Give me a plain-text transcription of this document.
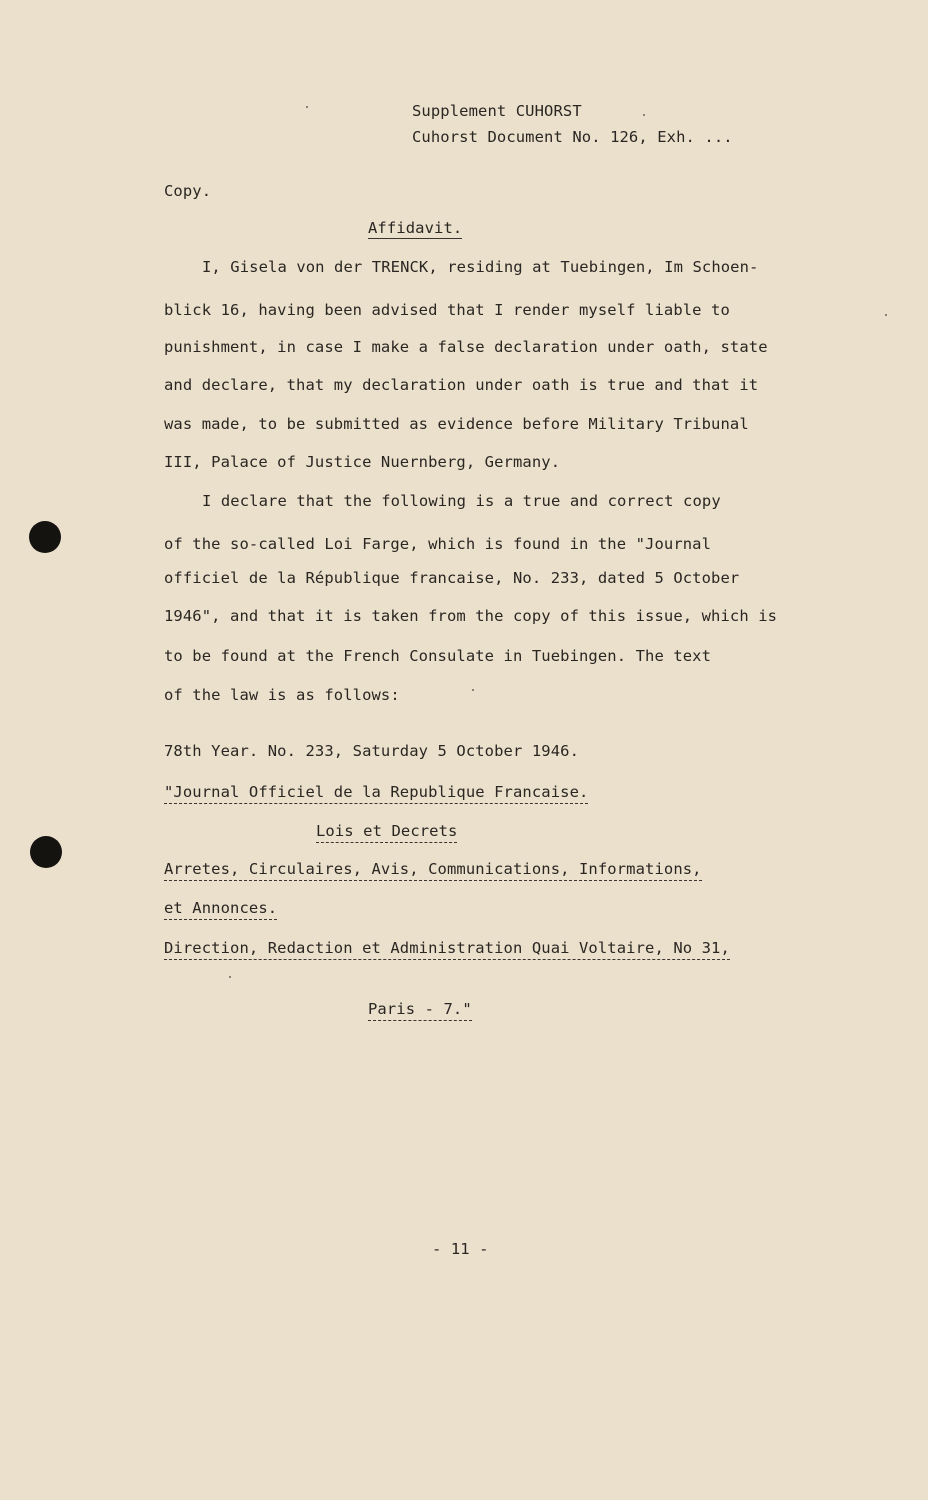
Supplement CUHORST
Cuhorst Document No. 126, Exh. ...
Copy.
Affidavit.
I, Gisela von der TRENCK, residing at Tuebingen, Im Schoen-
blick 16, having been advised that I render myself liable to
punishment, in case I make a false declaration under oath, state
and declare, that my declaration under oath is true and that it
was made, to be submitted as evidence before Military Tribunal
III, Palace of Justice Nuernberg, Germany.
I declare that the following is a true and correct copy
of the so-called Loi Farge, which is found in the "Journal
officiel de la République francaise, No. 233, dated 5 October
1946", and that it is taken from the copy of this issue, which is
to be found at the French Consulate in Tuebingen. The text
of the law is as follows:
78th Year. No. 233, Saturday 5 October 1946.
"Journal Officiel de la Republique Francaise.
Lois et Decrets
Arretes, Circulaires, Avis, Communications, Informations,
et Annonces.
Direction, Redaction et Administration Quai Voltaire, No 31,
Paris - 7."
- 11 -
